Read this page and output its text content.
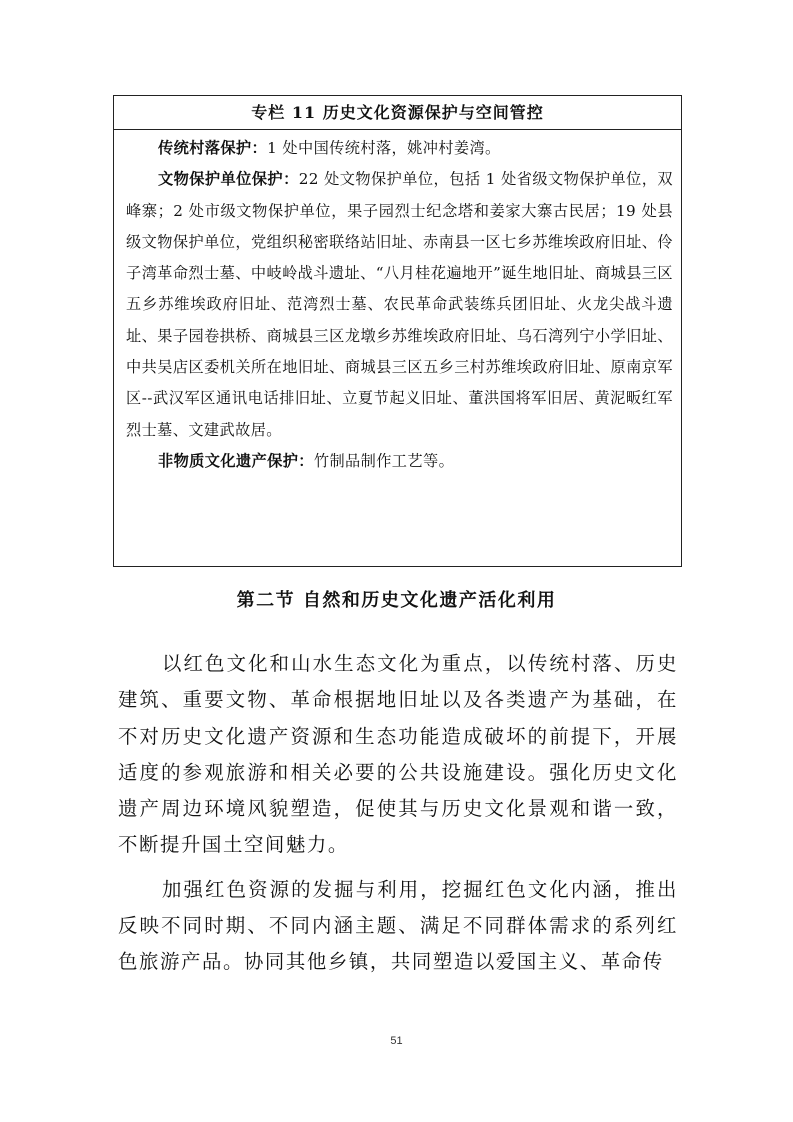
专栏 11 历史文化资源保护与空间管控

传统村落保护：1 处中国传统村落，姚冲村姜湾。

文物保护单位保护：22 处文物保护单位，包括 1 处省级文物保护单位，双峰寨；2 处市级文物保护单位，果子园烈士纪念塔和姜家大寨古民居；19 处县级文物保护单位，党组织秘密联络站旧址、赤南县一区七乡苏维埃政府旧址、伶子湾革命烈士墓、中岐岭战斗遗址、“八月桂花遍地开”诞生地旧址、商城县三区五乡苏维埃政府旧址、范湾烈士墓、农民革命武装练兵团旧址、火龙尖战斗遗址、果子园卷拱桥、商城县三区龙墩乡苏维埃政府旧址、乌石湾列宁小学旧址、中共吴店区委机关所在地旧址、商城县三区五乡三村苏维埃政府旧址、原南京军区--武汉军区通讯电话排旧址、立夏节起义旧址、董洪国将军旧居、黄泥畈红军烈士墓、文建武故居。

非物质文化遗产保护：竹制品制作工艺等。

第二节 自然和历史文化遗产活化利用

以红色文化和山水生态文化为重点，以传统村落、历史建筑、重要文物、革命根据地旧址以及各类遗产为基础，在不对历史文化遗产资源和生态功能造成破坏的前提下，开展适度的参观旅游和相关必要的公共设施建设。强化历史文化遗产周边环境风貌塑造，促使其与历史文化景观和谐一致，不断提升国土空间魅力。

加强红色资源的发掘与利用，挖掘红色文化内涵，推出反映不同时期、不同内涵主题、满足不同群体需求的系列红色旅游产品。协同其他乡镇，共同塑造以爱国主义、革命传

51
